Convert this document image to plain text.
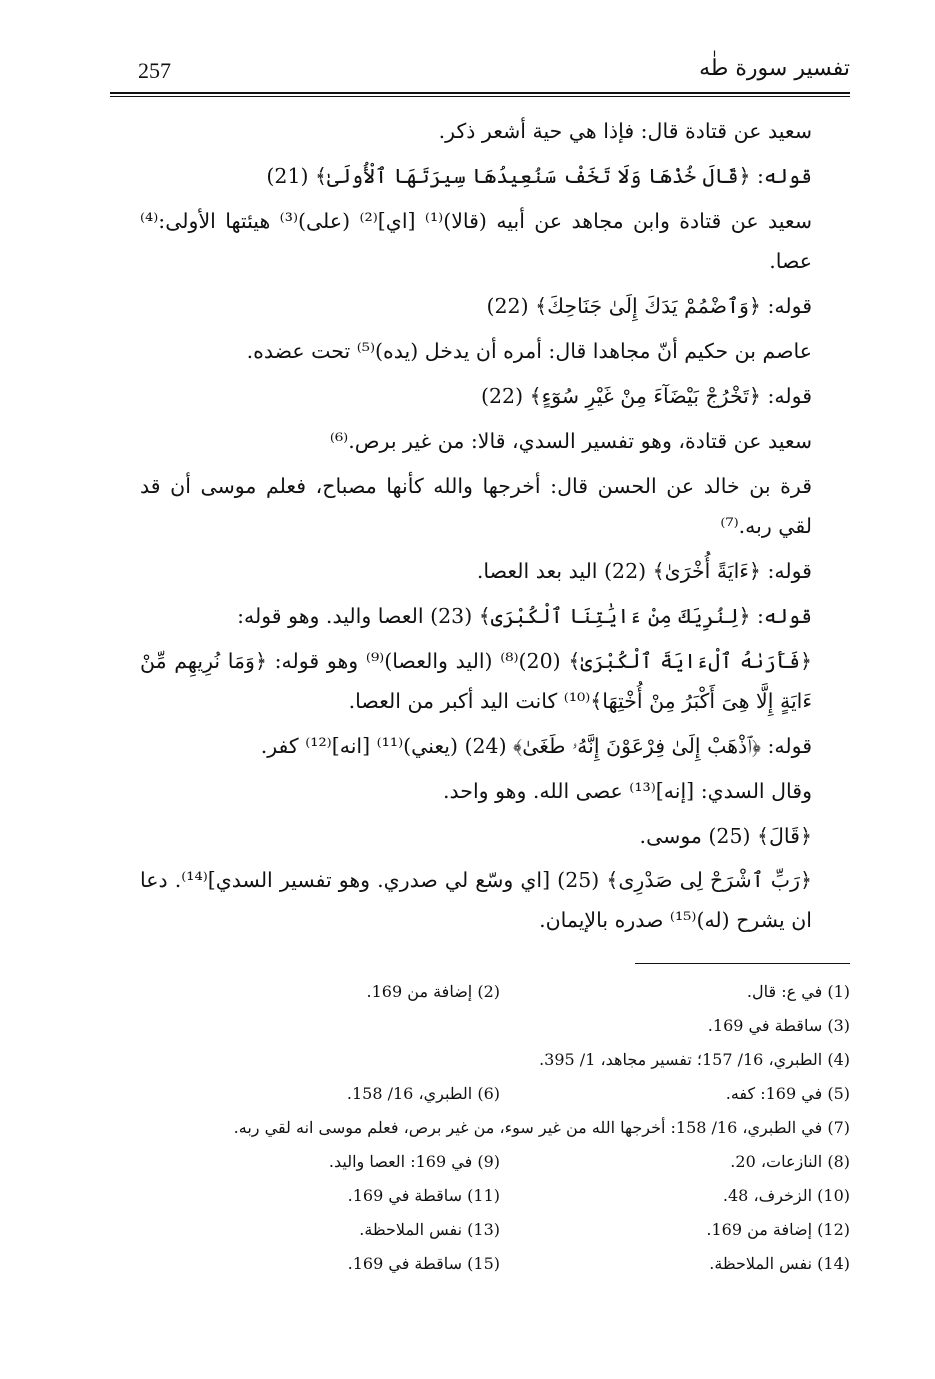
257	تفسير سورة طٰه

سعيد عن قتادة قال: فإذا هي حية أشعر ذكر.

قوله: ﴿قَالَ خُذْهَا وَلَا تَخَفْ سَنُعِيدُهَا سِيرَتَهَا ٱلْأُولَىٰ﴾ (21)

سعيد عن قتادة وابن مجاهد عن أبيه (قالا)⁽¹⁾ [اي]⁽²⁾ (على)⁽³⁾ هيئتها الأولى:⁽⁴⁾ عصا.

قوله: ﴿وَٱضْمُمْ يَدَكَ إِلَىٰ جَنَاحِكَ﴾ (22)

عاصم بن حكيم أنّ مجاهدا قال: أمره أن يدخل (يده)⁽⁵⁾ تحت عضده.

قوله: ﴿تَخْرُجْ بَيْضَآءَ مِنْ غَيْرِ سُوٓءٍ﴾ (22)

سعيد عن قتادة، وهو تفسير السدي، قالا: من غير برص.⁽⁶⁾

قرة بن خالد عن الحسن قال: أخرجها والله كأنها مصباح، فعلم موسى أن قد لقي ربه.⁽⁷⁾

قوله: ﴿ءَايَةً أُخْرَىٰ﴾ (22) اليد بعد العصا.

قوله: ﴿لِنُرِيَكَ مِنْ ءَايَٰتِنَا ٱلْكُبْرَى﴾ (23) العصا واليد. وهو قوله:

﴿فَأَرَىٰهُ ٱلْءَايَةَ ٱلْكُبْرَىٰ﴾ (20)⁽⁸⁾ (اليد والعصا)⁽⁹⁾ وهو قوله: ﴿وَمَا نُرِيهِم مِّنْ ءَايَةٍ إِلَّا هِىَ أَكْبَرُ مِنْ أُخْتِهَا﴾⁽¹⁰⁾ كانت اليد أكبر من العصا.

قوله: ﴿ٱذْهَبْ إِلَىٰ فِرْعَوْنَ إِنَّهُۥ طَغَىٰ﴾ (24) (يعني)⁽¹¹⁾ [انه]⁽¹²⁾ كفر.

وقال السدي: [إنه]⁽¹³⁾ عصى الله. وهو واحد.

﴿قَالَ﴾ (25) موسى.

﴿رَبِّ ٱشْرَحْ لِى صَدْرِى﴾ (25) [اي وسّع لي صدري. وهو تفسير السدي]⁽¹⁴⁾. دعا ان يشرح (له)⁽¹⁵⁾ صدره بالإيمان.

(1) في ع: قال.
(2) إضافة من 169.
(3) ساقطة في 169.
(4) الطبري، 16/ 157؛ تفسير مجاهد، 1/ 395.
(5) في 169: كفه.
(6) الطبري، 16/ 158.
(7) في الطبري، 16/ 158: أخرجها الله من غير سوء، من غير برص، فعلم موسى انه لقي ربه.
(8) النازعات، 20.
(9) في 169: العصا واليد.
(10) الزخرف، 48.
(11) ساقطة في 169.
(12) إضافة من 169.
(13) نفس الملاحظة.
(14) نفس الملاحظة.
(15) ساقطة في 169.
